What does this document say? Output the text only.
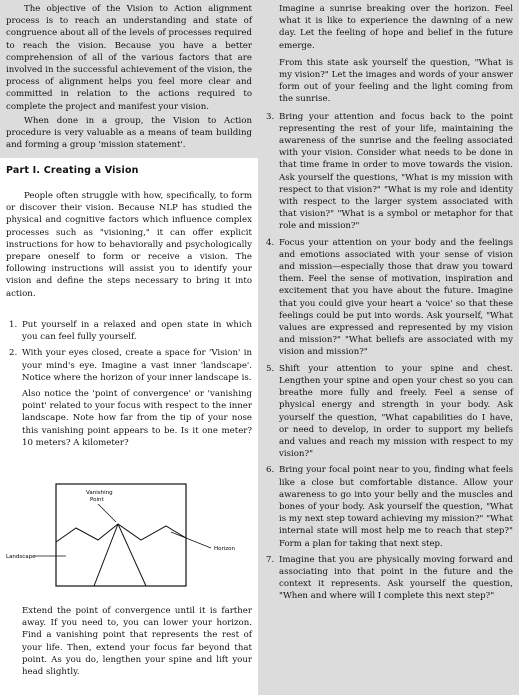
The objective of the Vision to Action alignment process is to reach an understanding and state of congruence about all of the levels of processes required to reach the vision. Because you have a better comprehension of all of the various factors that are involved in the successful achievement of the vision, the process of alignment helps you feel more clear and committed in relation to the actions required to complete the project and manifest your vision.

When done in a group, the Vision to Action procedure is very valuable as a means of team building and forming a group 'mission statement'.

Part I. Creating a Vision

People often struggle with how, specifically, to form or discover their vision. Because NLP has studied the physical and cognitive factors which influence complex processes such as "visioning," it can offer explicit instructions for how to behaviorally and psychologically prepare oneself to form or receive a vision. The following instructions will assist you to identify your vision and define the steps necessary to bring it into action.

1. Put yourself in a relaxed and open state in which you can feel fully yourself.
2. With your eyes closed, create a space for 'Vision' in your mind's eye. Imagine a vast inner 'landscape'. Notice where the horizon of your inner landscape is.
Also notice the 'point of convergence' or 'vanishing point' related to your focus with respect to the inner landscape. Note how far from the tip of your nose this vanishing point appears to be. Is it one meter? 10 meters? A kilometer?
Vanishing
Point
Horizon
Landscape
Extend the point of convergence until it is farther away. If you need to, you can lower your horizon. Find a vanishing point that represents the rest of your life. Then, extend your focus far beyond that point. As you do, lengthen your spine and lift your head slightly.
Imagine a sunrise breaking over the horizon. Feel what it is like to experience the dawning of a new day. Let the feeling of hope and belief in the future emerge.
From this state ask yourself the question, "What is my vision?" Let the images and words of your answer form out of your feeling and the light coming from the sunrise.
3. Bring your attention and focus back to the point representing the rest of your life, maintaining the awareness of the sunrise and the feeling associated with your vision. Consider what needs to be done in that time frame in order to move towards the vision. Ask yourself the questions, "What is my mission with respect to that vision?" "What is my role and identity with respect to the larger system associated with that vision?" "What is a symbol or metaphor for that role and mission?"
4. Focus your attention on your body and the feelings and emotions associated with your sense of vision and mission—especially those that draw you toward them. Feel the sense of motivation, inspiration and excitement that you have about the future. Imagine that you could give your heart a 'voice' so that these feelings could be put into words. Ask yourself, "What values are expressed and represented by my vision and mission?" "What beliefs are associated with my vision and mission?"
5. Shift your attention to your spine and chest. Lengthen your spine and open your chest so you can breathe more fully and freely. Feel a sense of physical energy and strength in your body. Ask yourself the question, "What capabilities do I have, or need to develop, in order to support my beliefs and values and reach my mission with respect to my vision?"
6. Bring your focal point near to you, finding what feels like a close but comfortable distance. Allow your awareness to go into your belly and the muscles and bones of your body. Ask yourself the question, "What is my next step toward achieving my mission?" "What internal state will most help me to reach that step?" Form a plan for taking that next step.
7. Imagine that you are physically moving forward and associating into that point in the future and the context it represents. Ask yourself the question, "When and where will I complete this next step?"
